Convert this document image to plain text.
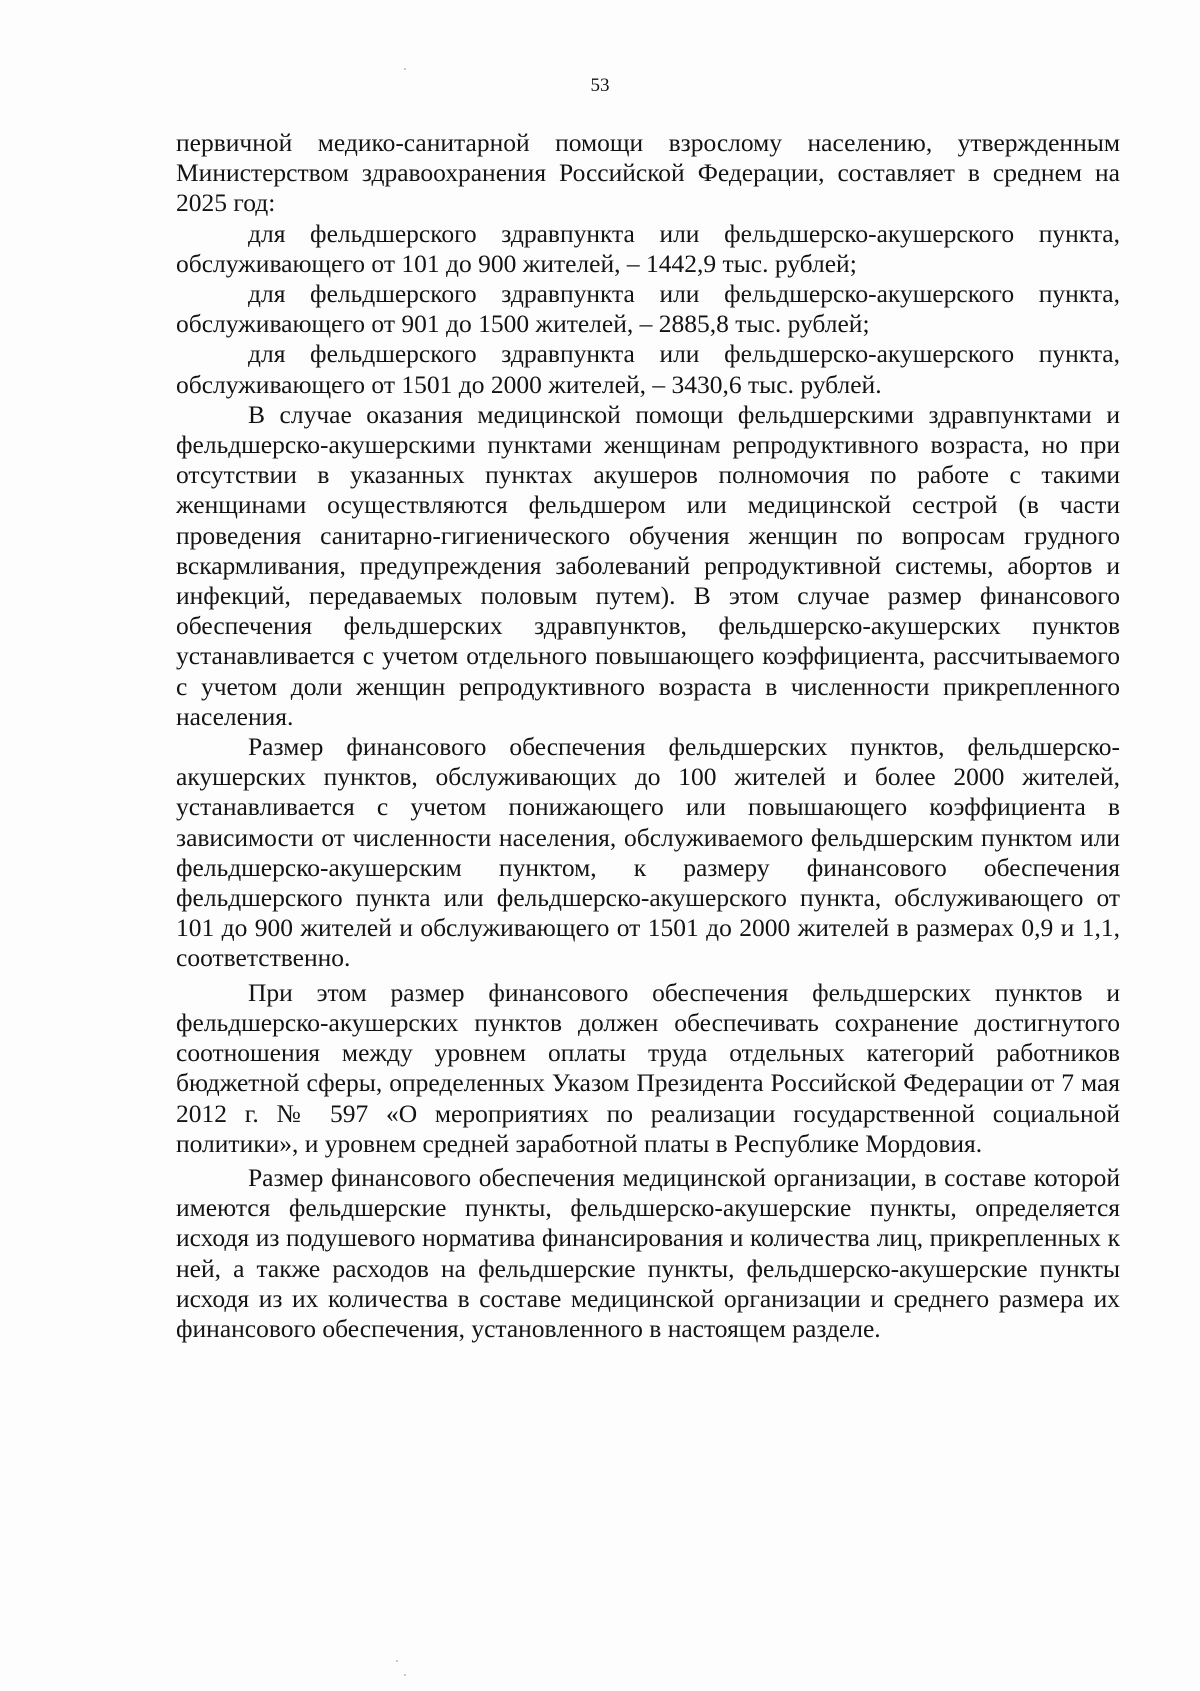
53

первичной медико-санитарной помощи взрослому населению, утвержденным Министерством здравоохранения Российской Федерации, составляет в среднем на 2025 год:

для фельдшерского здравпункта или фельдшерско-акушерского пункта, обслуживающего от 101 до 900 жителей, – 1442,9 тыс. рублей;

для фельдшерского здравпункта или фельдшерско-акушерского пункта, обслуживающего от 901 до 1500 жителей, – 2885,8 тыс. рублей;

для фельдшерского здравпункта или фельдшерско-акушерского пункта, обслуживающего от 1501 до 2000 жителей, – 3430,6 тыс. рублей.

В случае оказания медицинской помощи фельдшерскими здравпунктами и фельдшерско-акушерскими пунктами женщинам репродуктивного возраста, но при отсутствии в указанных пунктах акушеров полномочия по работе с такими женщинами осуществляются фельдшером или медицинской сестрой (в части проведения санитарно-гигиенического обучения женщин по вопросам грудного вскармливания, предупреждения заболеваний репродуктивной системы, абортов и инфекций, передаваемых половым путем). В этом случае размер финансового обеспечения фельдшерских здравпунктов, фельдшерско-акушерских пунктов устанавливается с учетом отдельного повышающего коэффициента, рассчитываемого с учетом доли женщин репродуктивного возраста в численности прикрепленного населения.

Размер финансового обеспечения фельдшерских пунктов, фельдшерско-акушерских пунктов, обслуживающих до 100 жителей и более 2000 жителей, устанавливается с учетом понижающего или повышающего коэффициента в зависимости от численности населения, обслуживаемого фельдшерским пунктом или фельдшерско-акушерским пунктом, к размеру финансового обеспечения фельдшерского пункта или фельдшерско-акушерского пункта, обслуживающего от 101 до 900 жителей и обслуживающего от 1501 до 2000 жителей в размерах 0,9 и 1,1, соответственно.

При этом размер финансового обеспечения фельдшерских пунктов и фельдшерско-акушерских пунктов должен обеспечивать сохранение достигнутого соотношения между уровнем оплаты труда отдельных категорий работников бюджетной сферы, определенных Указом Президента Российской Федерации от 7 мая 2012 г. № 597 «О мероприятиях по реализации государственной социальной политики», и уровнем средней заработной платы в Республике Мордовия.

Размер финансового обеспечения медицинской организации, в составе которой имеются фельдшерские пункты, фельдшерско-акушерские пункты, определяется исходя из подушевого норматива финансирования и количества лиц, прикрепленных к ней, а также расходов на фельдшерские пункты, фельдшерско-акушерские пункты исходя из их количества в составе медицинской организации и среднего размера их финансового обеспечения, установленного в настоящем разделе.
